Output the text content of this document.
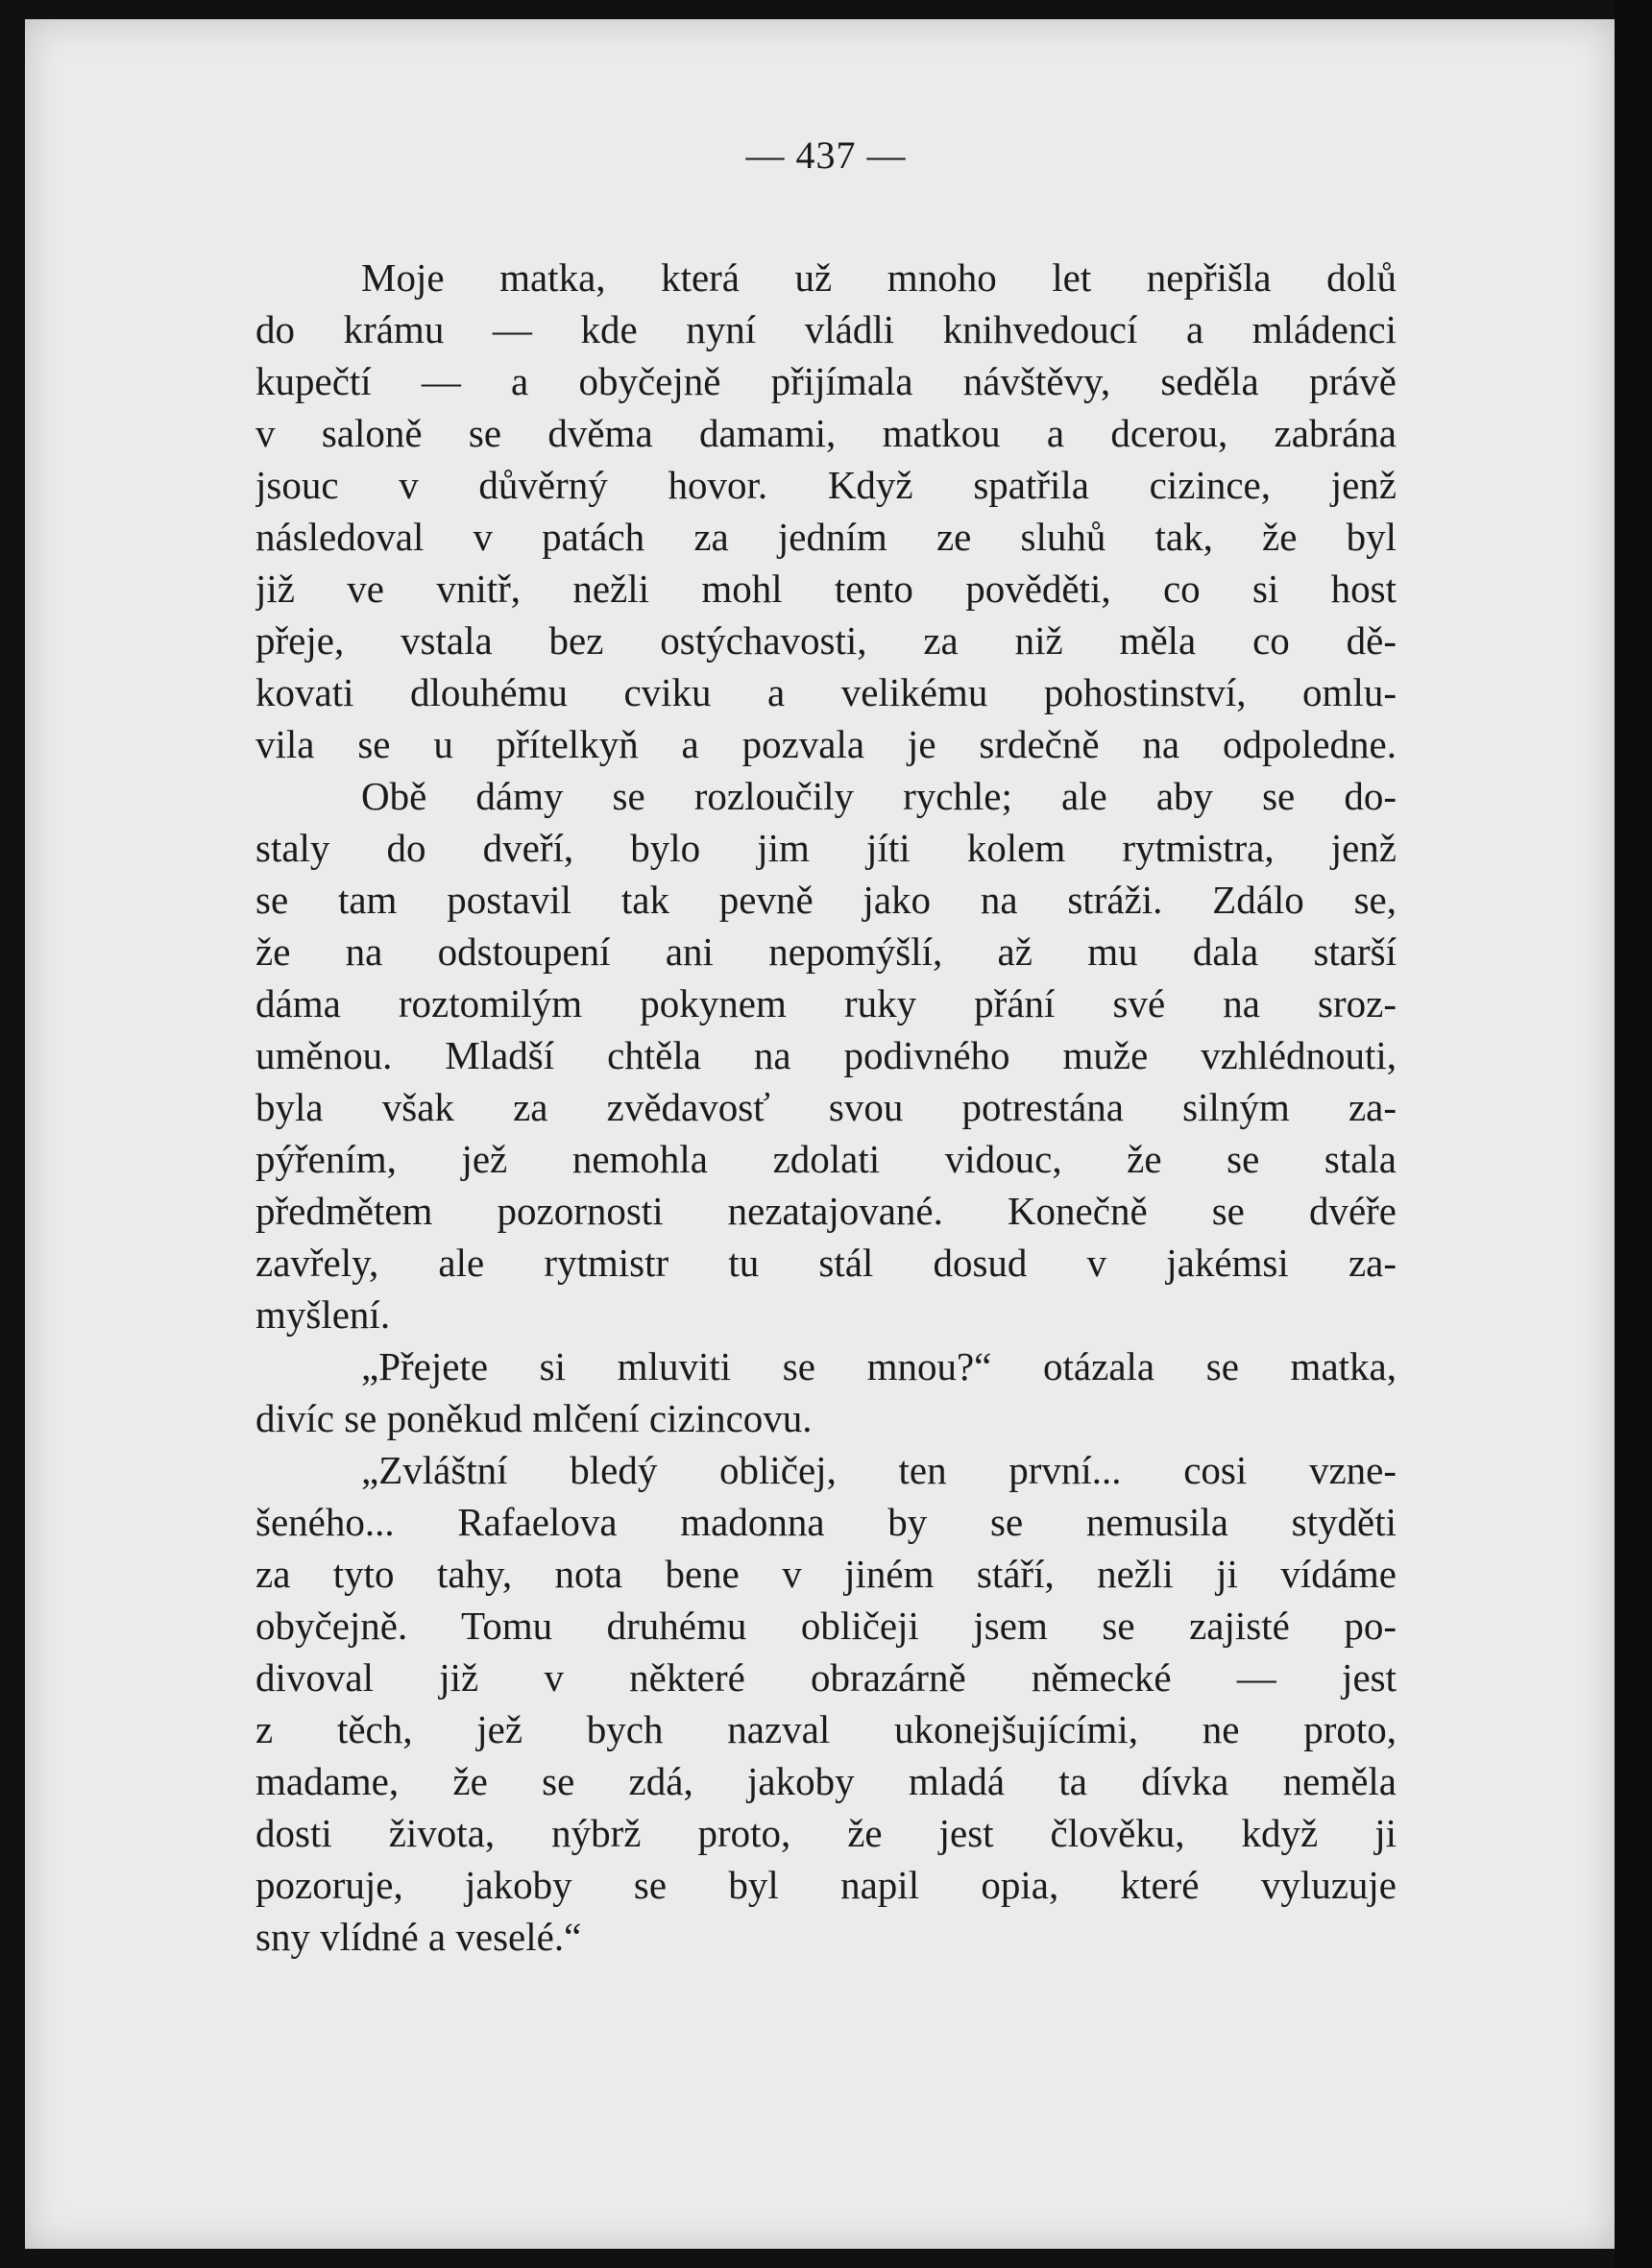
— 437 —
Moje matka, která už mnoho let nepřišla dolů
do krámu — kde nyní vládli knihvedoucí a mládenci
kupečtí — a obyčejně přijímala návštěvy, seděla právě
v saloně se dvěma damami, matkou a dcerou, zabrána
jsouc v důvěrný hovor. Když spatřila cizince, jenž
následoval v patách za jedním ze sluhů tak, že byl
již ve vnitř, nežli mohl tento pověděti, co si host
přeje, vstala bez ostýchavosti, za niž měla co dě-
kovati dlouhému cviku a velikému pohostinství, omlu-
vila se u přítelkyň a pozvala je srdečně na odpoledne.
Obě dámy se rozloučily rychle; ale aby se do-
staly do dveří, bylo jim jíti kolem rytmistra, jenž
se tam postavil tak pevně jako na stráži. Zdálo se,
že na odstoupení ani nepomýšlí, až mu dala starší
dáma roztomilým pokynem ruky přání své na sroz-
uměnou. Mladší chtěla na podivného muže vzhlédnouti,
byla však za zvědavosť svou potrestána silným za-
pýřením, jež nemohla zdolati vidouc, že se stala
předmětem pozornosti nezatajované. Konečně se dvéře
zavřely, ale rytmistr tu stál dosud v jakémsi za-
myšlení.
„Přejete si mluviti se mnou?“ otázala se matka,
divíc se poněkud mlčení cizincovu.
„Zvláštní bledý obličej, ten první... cosi vzne-
šeného... Rafaelova madonna by se nemusila styděti
za tyto tahy, nota bene v jiném stáří, nežli ji vídáme
obyčejně. Tomu druhému obličeji jsem se zajisté po-
divoval již v některé obrazárně německé — jest
z těch, jež bych nazval ukonejšujícími, ne proto,
madame, že se zdá, jakoby mladá ta dívka neměla
dosti života, nýbrž proto, že jest člověku, když ji
pozoruje, jakoby se byl napil opia, které vyluzuje
sny vlídné a veselé.“
